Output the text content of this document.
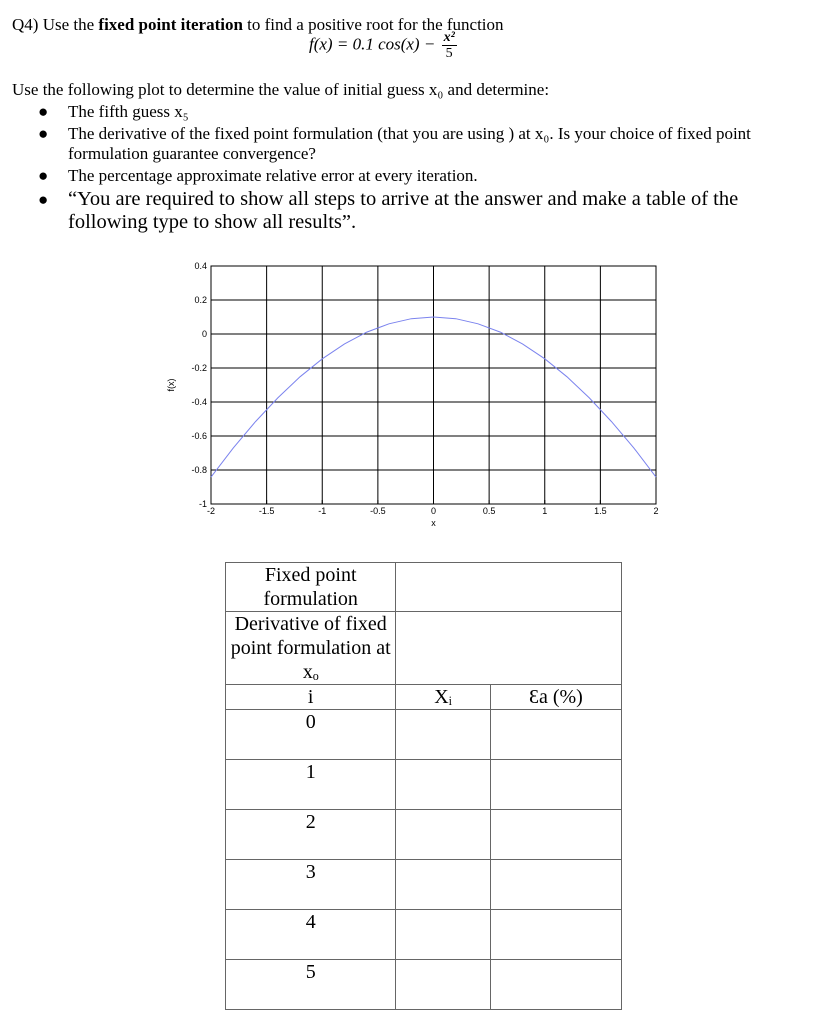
Q4) Use the fixed point iteration to find a positive root for the function
f(x) = 0.1 $\cos(x) - \frac{\text{x²}}{5}$
Use the following plot to determine the value of initial guess x₀ and determine:
● The fifth guess x₅
● The derivative of the fixed point formulation (that you are using ) at x₀. Is your choice of fixed point formulation guarantee convergence?
● The percentage approximate relative error at every iteration.
● “You are required to show all steps to arrive at the answer and make a table of the following type to show all results”.
-2	-1.5	-1	-0.5	0	0.5	1	1.5	2
0.4
0.2
0
-0.2
-0.4
-0.6
-0.8
-1
x
f(x)
Fixed point formulation		
Derivative of fixed point formulation at xₒ		
i	Xᵢ	Ɛa (%)
0		
1		
2		
3		
4		
5		
